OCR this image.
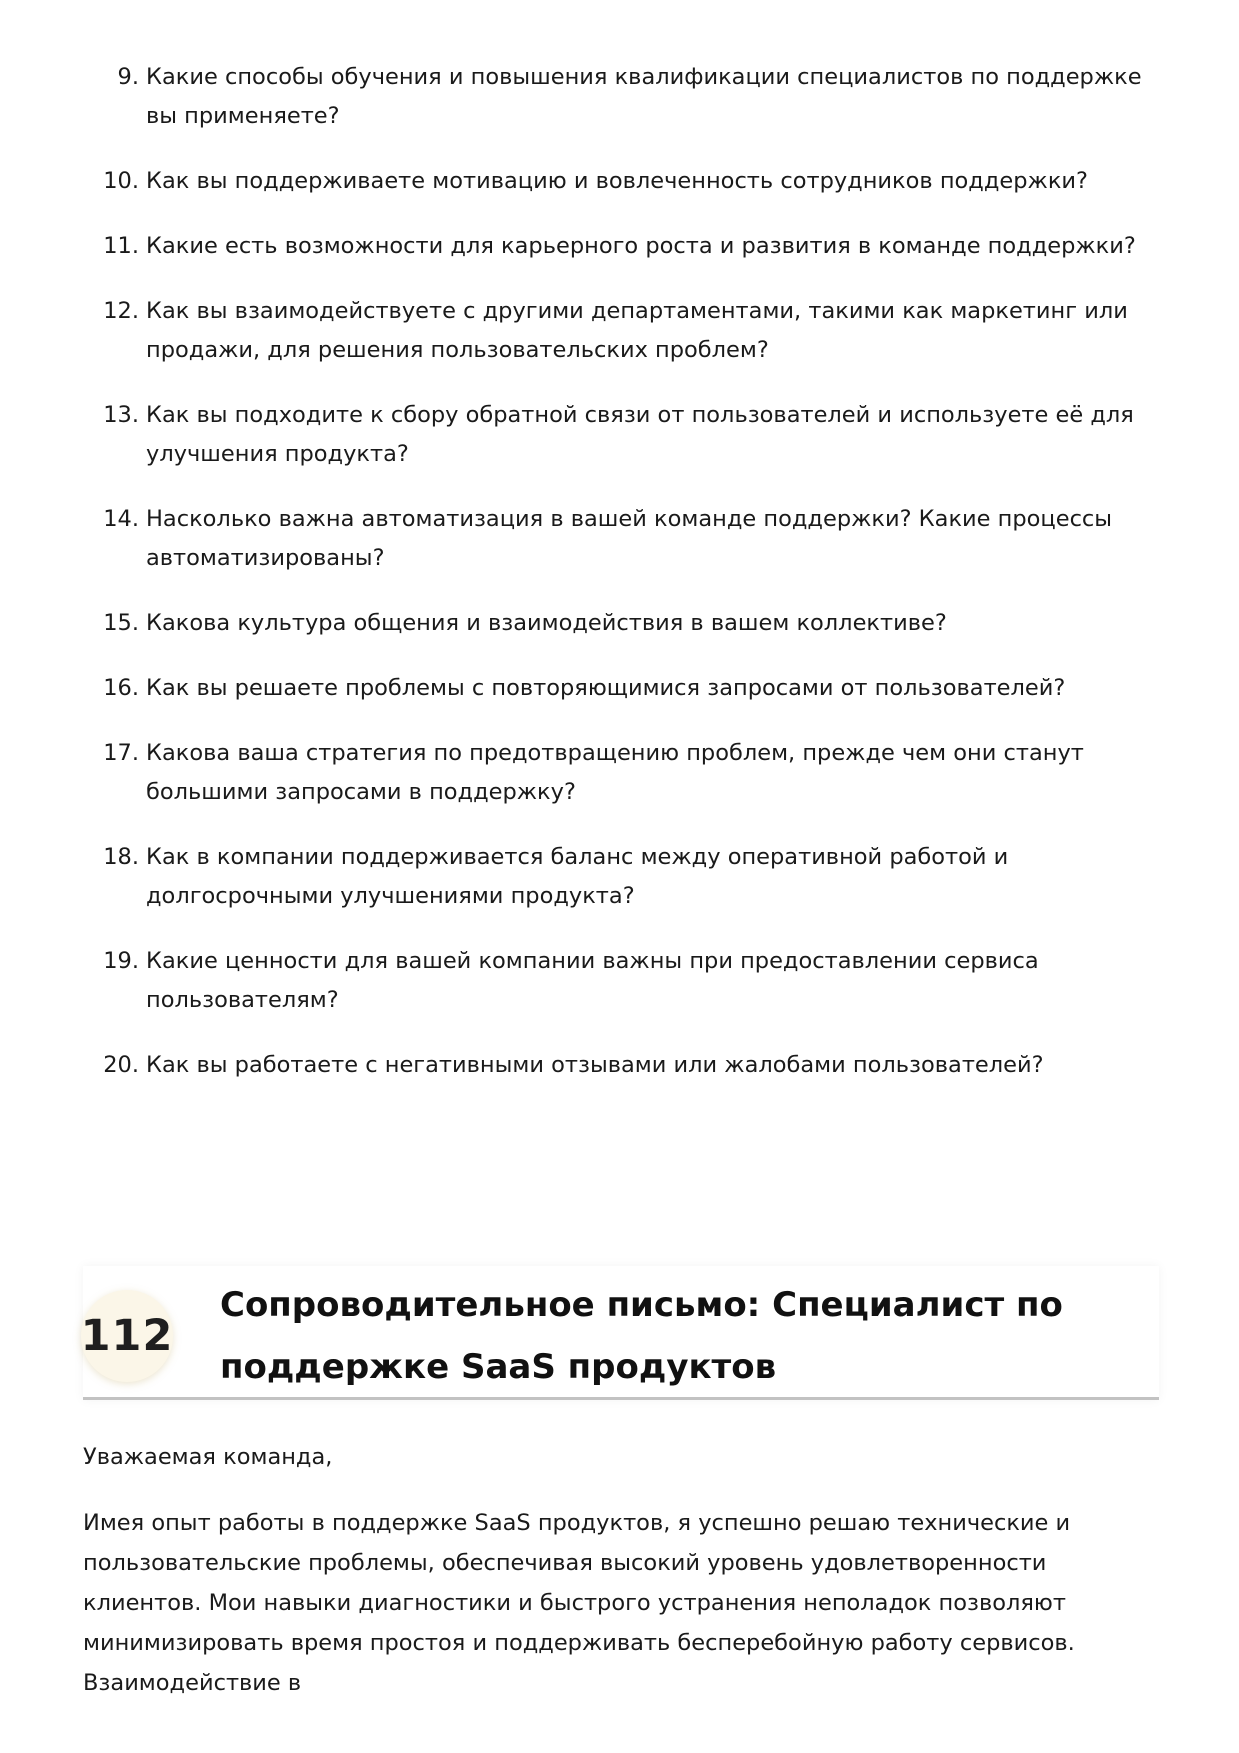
9. Какие способы обучения и повышения квалификации специалистов по поддержке вы применяете?
10. Как вы поддерживаете мотивацию и вовлеченность сотрудников поддержки?
11. Какие есть возможности для карьерного роста и развития в команде поддержки?
12. Как вы взаимодействуете с другими департаментами, такими как маркетинг или продажи, для решения пользовательских проблем?
13. Как вы подходите к сбору обратной связи от пользователей и используете её для улучшения продукта?
14. Насколько важна автоматизация в вашей команде поддержки? Какие процессы автоматизированы?
15. Какова культура общения и взаимодействия в вашем коллективе?
16. Как вы решаете проблемы с повторяющимися запросами от пользователей?
17. Какова ваша стратегия по предотвращению проблем, прежде чем они станут большими запросами в поддержку?
18. Как в компании поддерживается баланс между оперативной работой и долгосрочными улучшениями продукта?
19. Какие ценности для вашей компании важны при предоставлении сервиса пользователям?
20. Как вы работаете с негативными отзывами или жалобами пользователей?
112
Сопроводительное письмо: Специалист по поддержке SaaS продуктов

Уважаемая команда,

Имея опыт работы в поддержке SaaS продуктов, я успешно решаю технические и пользовательские проблемы, обеспечивая высокий уровень удовлетворенности клиентов. Мои навыки диагностики и быстрого устранения неполадок позволяют минимизировать время простоя и поддерживать бесперебойную работу сервисов. Взаимодействие в
